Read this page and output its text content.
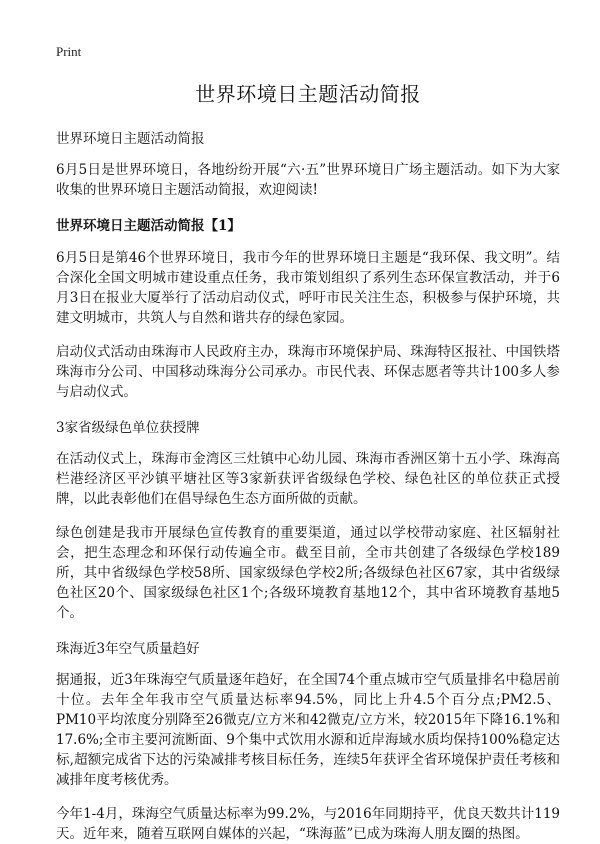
Print
世界环境日主题活动简报
世界环境日主题活动简报

6月5日是世界环境日，各地纷纷开展“六·五”世界环境日广场主题活动。如下为大家收集的世界环境日主题活动简报，欢迎阅读!

世界环境日主题活动简报【1】

6月5日是第46个世界环境日，我市今年的世界环境日主题是“我环保、我文明”。结合深化全国文明城市建设重点任务，我市策划组织了系列生态环保宣教活动，并于6月3日在报业大厦举行了活动启动仪式，呼吁市民关注生态，积极参与保护环境，共建文明城市，共筑人与自然和谐共存的绿色家园。

启动仪式活动由珠海市人民政府主办，珠海市环境保护局、珠海特区报社、中国铁塔珠海市分公司、中国移动珠海分公司承办。市民代表、环保志愿者等共计100多人参与启动仪式。

3家省级绿色单位获授牌

在活动仪式上，珠海市金湾区三灶镇中心幼儿园、珠海市香洲区第十五小学、珠海高栏港经济区平沙镇平塘社区等3家新获评省级绿色学校、绿色社区的单位获正式授牌，以此表彰他们在倡导绿色生态方面所做的贡献。

绿色创建是我市开展绿色宣传教育的重要渠道，通过以学校带动家庭、社区辐射社会，把生态理念和环保行动传遍全市。截至目前，全市共创建了各级绿色学校189所，其中省级绿色学校58所、国家级绿色学校2所;各级绿色社区67家，其中省级绿色社区20个、国家级绿色社区1个;各级环境教育基地12个，其中省环境教育基地5个。

珠海近3年空气质量趋好

据通报，近3年珠海空气质量逐年趋好，在全国74个重点城市空气质量排名中稳居前十位。去年全年我市空气质量达标率94.5%，同比上升4.5个百分点;PM2.5、PM10平均浓度分别降至26微克/立方米和42微克/立方米，较2015年下降16.1%和17.6%;全市主要河流断面、9个集中式饮用水源和近岸海域水质均保持100%稳定达标,超额完成省下达的污染减排考核目标任务，连续5年获评全省环境保护责任考核和减排年度考核优秀。

今年1-4月，珠海空气质量达标率为99.2%，与2016年同期持平，优良天数共计119天。近年来，随着互联网自媒体的兴起，“珠海蓝”已成为珠海人朋友圈的热图。
